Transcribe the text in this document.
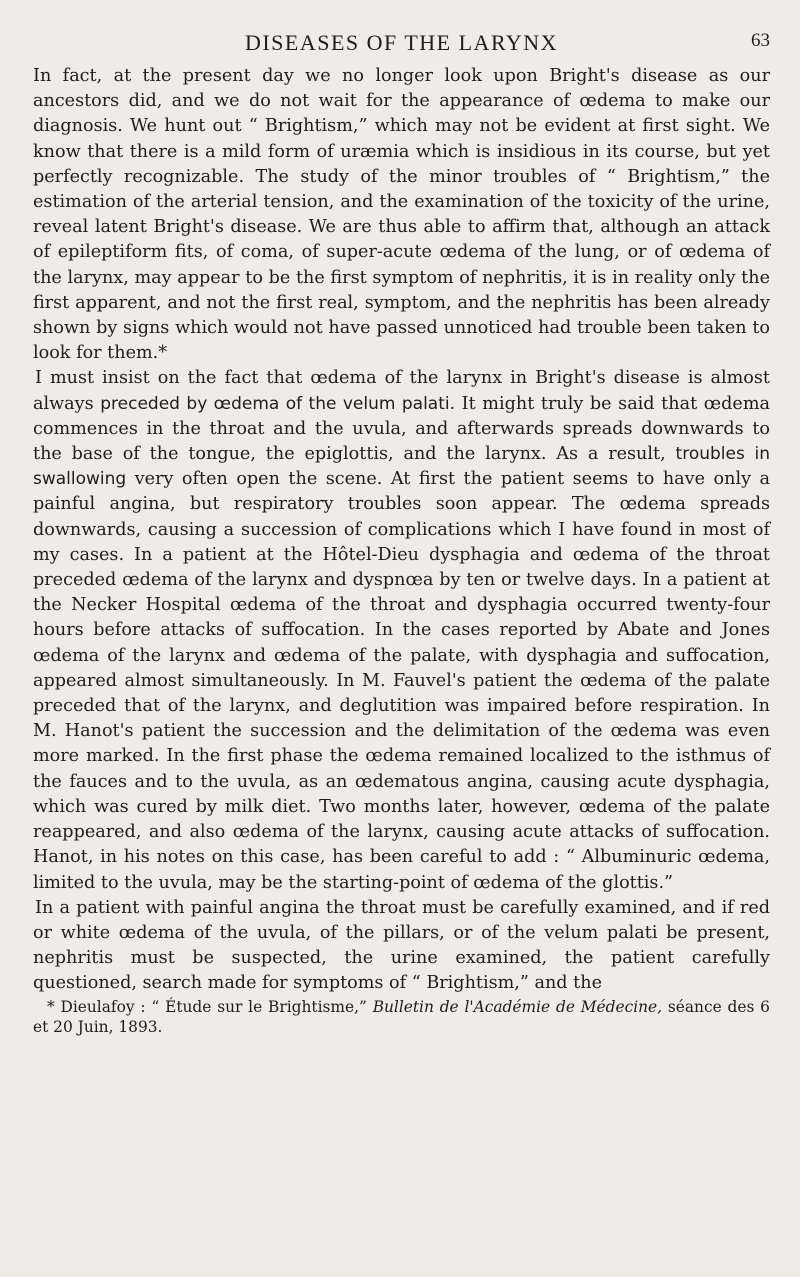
DISEASES OF THE LARYNX	63

In fact, at the present day we no longer look upon Bright's disease as our ancestors did, and we do not wait for the appearance of œdema to make our diagnosis. We hunt out “ Brightism,” which may not be evident at first sight. We know that there is a mild form of uræmia which is insidious in its course, but yet perfectly recognizable. The study of the minor troubles of “ Brightism,” the estimation of the arterial tension, and the examination of the toxicity of the urine, reveal latent Bright's disease. We are thus able to affirm that, although an attack of epileptiform fits, of coma, of super-acute œdema of the lung, or of œdema of the larynx, may appear to be the first symptom of nephritis, it is in reality only the first apparent, and not the first real, symptom, and the nephritis has been already shown by signs which would not have passed unnoticed had trouble been taken to look for them.*

I must insist on the fact that œdema of the larynx in Bright's disease is almost always preceded by œdema of the velum palati. It might truly be said that œdema commences in the throat and the uvula, and afterwards spreads downwards to the base of the tongue, the epiglottis, and the larynx. As a result, troubles in swallowing very often open the scene. At first the patient seems to have only a painful angina, but respiratory troubles soon appear. The œdema spreads downwards, causing a succession of complications which I have found in most of my cases. In a patient at the Hôtel-Dieu dysphagia and œdema of the throat preceded œdema of the larynx and dyspnœa by ten or twelve days. In a patient at the Necker Hospital œdema of the throat and dysphagia occurred twenty-four hours before attacks of suffocation. In the cases reported by Abate and Jones œdema of the larynx and œdema of the palate, with dysphagia and suffocation, appeared almost simultaneously. In M. Fauvel's patient the œdema of the palate preceded that of the larynx, and deglutition was impaired before respiration. In M. Hanot's patient the succession and the delimitation of the œdema was even more marked. In the first phase the œdema remained localized to the isthmus of the fauces and to the uvula, as an œdematous angina, causing acute dysphagia, which was cured by milk diet. Two months later, however, œdema of the palate reappeared, and also œdema of the larynx, causing acute attacks of suffocation. Hanot, in his notes on this case, has been careful to add : “ Albuminuric œdema, limited to the uvula, may be the starting-point of œdema of the glottis.”

In a patient with painful angina the throat must be carefully examined, and if red or white œdema of the uvula, of the pillars, or of the velum palati be present, nephritis must be suspected, the urine examined, the patient carefully questioned, search made for symptoms of “ Brightism,” and the

* Dieulafoy : “ Étude sur le Brightisme,” Bulletin de l'Académie de Médecine, séance des 6 et 20 Juin, 1893.
